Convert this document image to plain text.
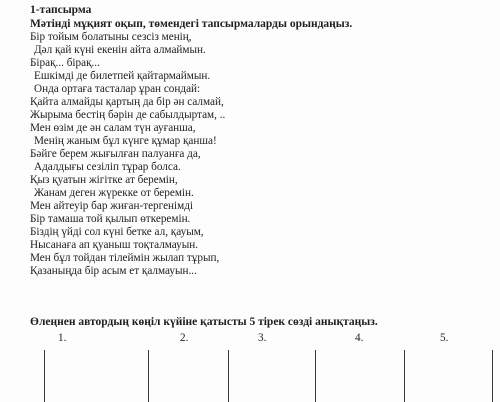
1-тапсырма
Мәтінді мұқият оқып, төмендегі тапсырмаларды орындаңыз.
Бір тойым болатыны сезсіз менің,
Дәл қай күні екенін айта алмаймын.
Бірақ... бірақ...
Ешкімді де билетпей қайтармаймын.
Онда ортаға тасталар ұран сондай:
Қайта алмайды қартың да бір ән салмай,
Жырыма бестің бәрін де сабылдыртам, ..
Мен өзім де ән салам түн ауғанша,
Менің жаным бұл күнге құмар қанша!
Бәйге берем жығылған палуанға да,
Адалдығы сезіліп тұрар болса.
Қыз қуатын жігітке ат беремін,
Жанам деген жүрекке от беремін.
Мен айтеуір бар жиған-тергенімді
Бір тамаша той қылып өткеремін.
Біздің үйді сол күні бетке ал, қауым,
Нысанаға ап қуаныш тоқталмауын.
Мен бұл тойдан тілеймін жылап тұрып,
Қазаныңда бір асым ет қалмауын...
Өлеңнен автордың көңіл күйіне қатысты 5 тірек сөзді анықтаңыз.
1.	2.	3.	4.	5.
